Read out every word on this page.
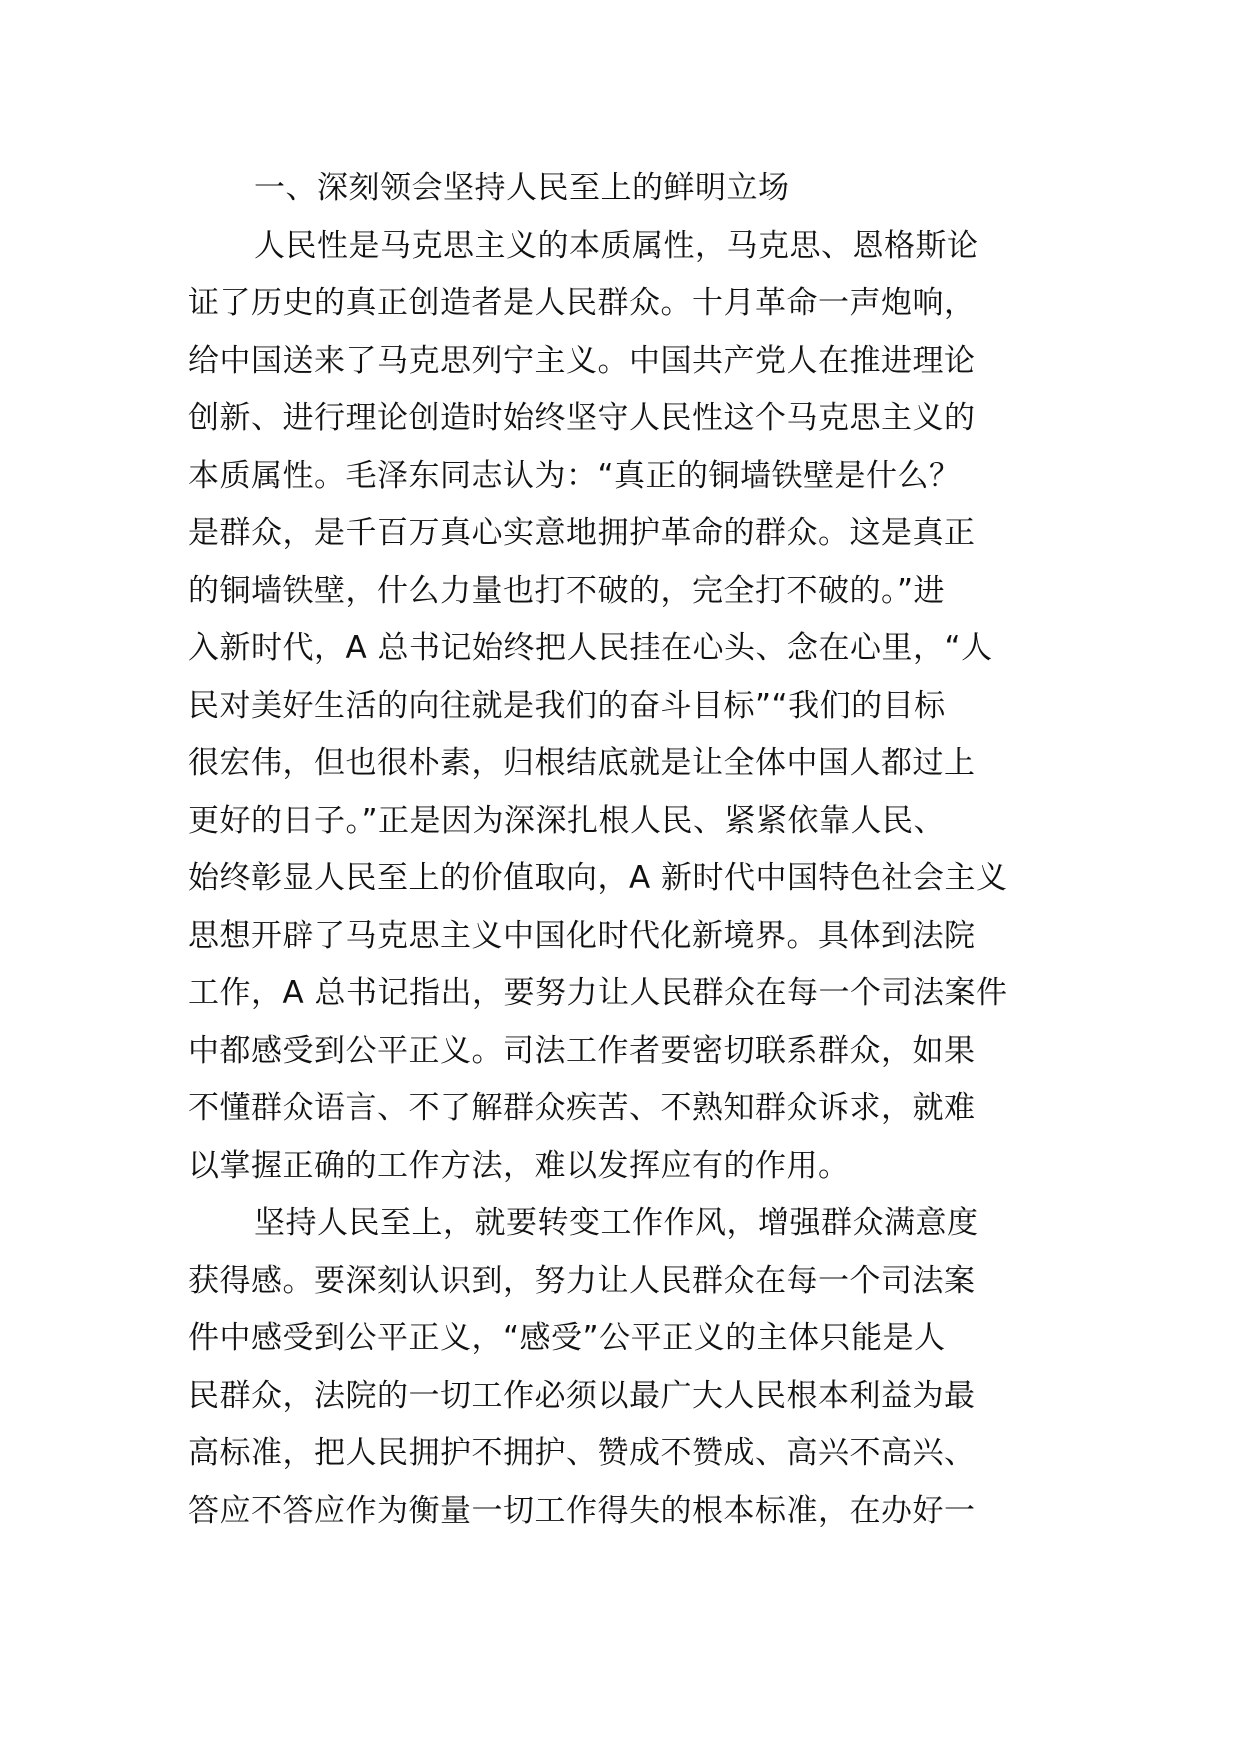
一、深刻领会坚持人民至上的鲜明立场
人民性是马克思主义的本质属性，马克思、恩格斯论
证了历史的真正创造者是人民群众。十月革命一声炮响，
给中国送来了马克思列宁主义。中国共产党人在推进理论
创新、进行理论创造时始终坚守人民性这个马克思主义的
本质属性。毛泽东同志认为：“真正的铜墙铁壁是什么？
是群众，是千百万真心实意地拥护革命的群众。这是真正
的铜墙铁壁，什么力量也打不破的，完全打不破的。”进
入新时代，A 总书记始终把人民挂在心头、念在心里，“人
民对美好生活的向往就是我们的奋斗目标”“我们的目标
很宏伟，但也很朴素，归根结底就是让全体中国人都过上
更好的日子。”正是因为深深扎根人民、紧紧依靠人民、
始终彰显人民至上的价值取向，A 新时代中国特色社会主义
思想开辟了马克思主义中国化时代化新境界。具体到法院
工作，A 总书记指出，要努力让人民群众在每一个司法案件
中都感受到公平正义。司法工作者要密切联系群众，如果
不懂群众语言、不了解群众疾苦、不熟知群众诉求，就难
以掌握正确的工作方法，难以发挥应有的作用。
坚持人民至上，就要转变工作作风，增强群众满意度
获得感。要深刻认识到，努力让人民群众在每一个司法案
件中感受到公平正义，“感受”公平正义的主体只能是人
民群众，法院的一切工作必须以最广大人民根本利益为最
高标准，把人民拥护不拥护、赞成不赞成、高兴不高兴、
答应不答应作为衡量一切工作得失的根本标准，在办好一
